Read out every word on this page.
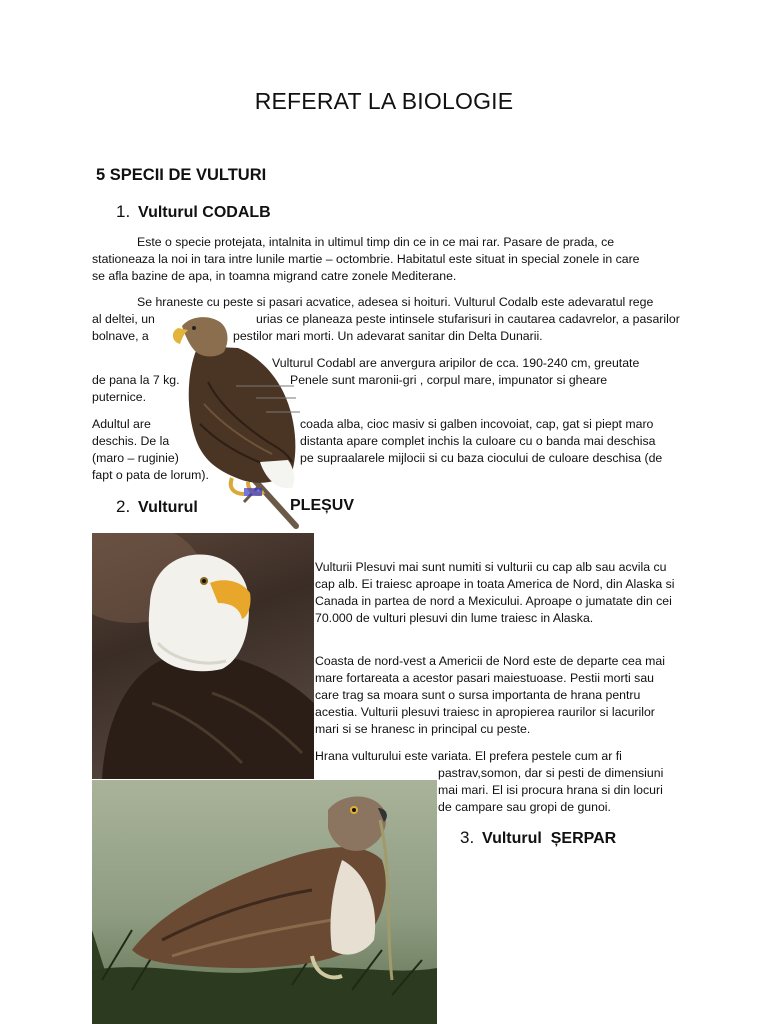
REFERAT LA BIOLOGIE
5 SPECII DE VULTURI
1. Vulturul CODALB
Este o specie protejata, intalnita in ultimul timp din ce in ce mai rar. Pasare de prada, ce
stationeaza la noi in tara intre lunile martie – octombrie. Habitatul este situat in special zonele in care
se afla bazine de apa, in toamna migrand catre zonele Mediterane.
Se hraneste cu peste si pasari acvatice, adesea si hoituri. Vulturul Codalb este adevaratul rege
al deltei, un	urias ce planeaza peste intinsele stufarisuri in cautarea cadavrelor, a pasarilor
bolnave, a	pestilor mari morti. Un adevarat sanitar din Delta Dunarii.
Vulturul Codabl are anvergura aripilor de cca. 190-240 cm, greutate
de pana la 7 kg.	Penele sunt maronii-gri , corpul mare, impunator si gheare
puternice.
Adultul are	coada alba, cioc masiv si galben incovoiat, cap, gat si piept maro
deschis. De la	distanta apare complet inchis la culoare cu o banda mai deschisa
(maro – ruginie)	pe supraalarele mijlocii si cu baza ciocului de culoare deschisa (de
fapt o pata de lorum).
2. Vulturul	PLEȘUV
Vulturii Plesuvi mai sunt numiti si vulturii cu cap alb sau acvila cu cap alb. Ei traiesc aproape in toata America de Nord, din Alaska si Canada in partea de nord a Mexicului. Aproape o jumatate din cei 70.000 de vulturi plesuvi din lume traiesc in Alaska.
Coasta de nord-vest a Americii de Nord este de departe cea mai mare fortareata a acestor pasari maiestuoase. Pestii morti sau care trag sa moara sunt o sursa importanta de hrana pentru acestia. Vulturii plesuvi traiesc in apropierea raurilor si lacurilor mari si se hranesc in principal cu peste.
Hrana vulturului este variata. El prefera pestele cum ar fi
pastrav,somon, dar si pesti de dimensiuni mai mari. El isi procura hrana si din locuri de campare sau gropi de gunoi.
3. Vulturul  ȘERPAR
